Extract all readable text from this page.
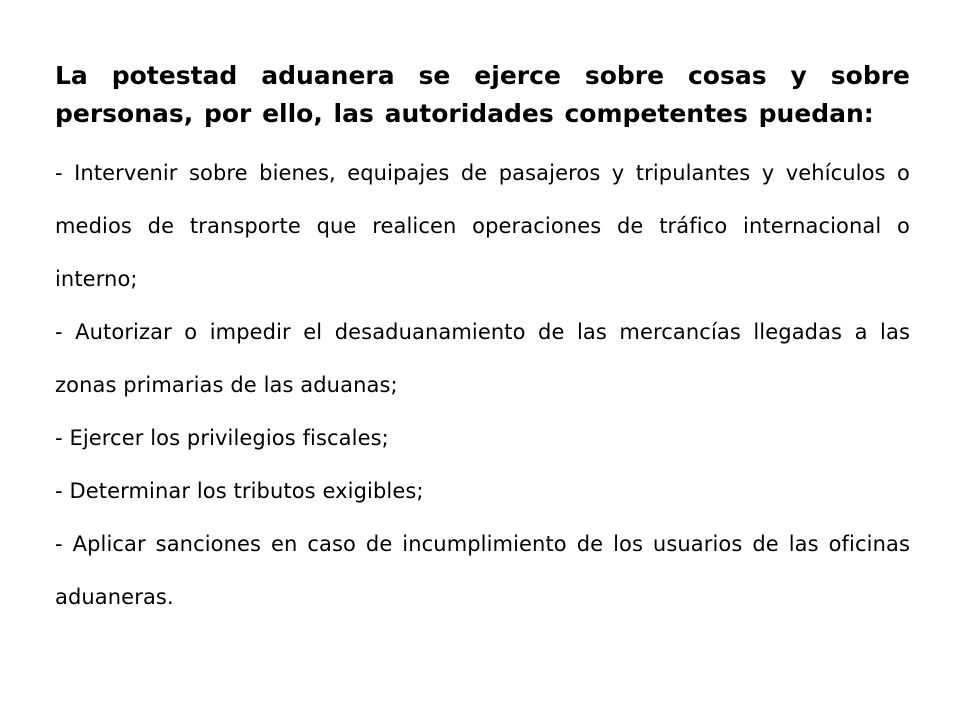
La potestad aduanera se ejerce sobre cosas y sobre personas, por ello, las autoridades competentes puedan:

- Intervenir sobre bienes, equipajes de pasajeros y tripulantes y vehículos o medios de transporte que realicen operaciones de tráfico internacional o interno;
- Autorizar o impedir el desaduanamiento de las mercancías llegadas a las zonas primarias de las aduanas;
- Ejercer los privilegios fiscales;
- Determinar los tributos exigibles;
- Aplicar sanciones en caso de incumplimiento de los usuarios de las oficinas aduaneras.
